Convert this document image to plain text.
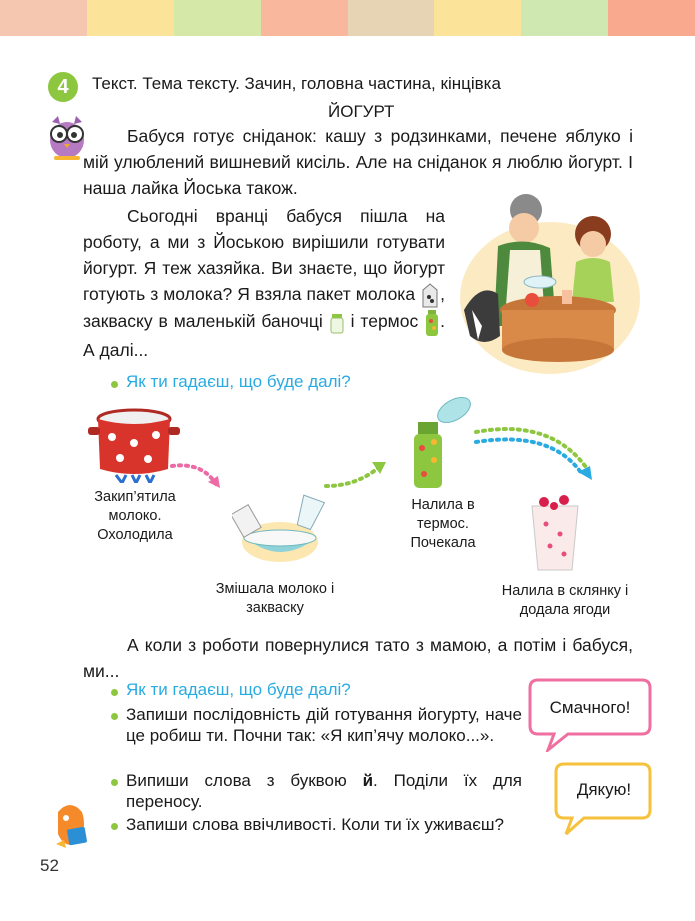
4	Текст. Тема тексту. Зачин, головна частина, кінцівка
ЙОГУРТ
Бабуся готує сніданок: кашу з родзинками, печене яблуко і мій улюблений вишневий кисіль. Але на сніданок я люблю йогурт. І наша лайка Йоська також.
Сьогодні вранці бабуся пішла на роботу, а ми з Йоською вирішили готувати йогурт. Я теж хазяйка. Ви знаєте, що йогурт готують з молока? Я взяла пакет молока , закваску в маленькій баночці і термос . А далі...
Як ти гадаєш, що буде далі?
Закип’ятила молоко. Охолодила
Змішала молоко і закваску
Налила в термос. Почекала
Налила в склянку і додала ягоди
А коли з роботи повернулися тато з мамою, а потім і бабуся, ми...
Як ти гадаєш, що буде далі?
Запиши послідовність дій готування йогурту, наче це робиш ти. Почни так: «Я кип’ячу молоко...».
Випиши слова з буквою й. Поділи їх для переносу.
Запиши слова ввічливості. Коли ти їх уживаєш?
Смачного!
Дякую!
52
